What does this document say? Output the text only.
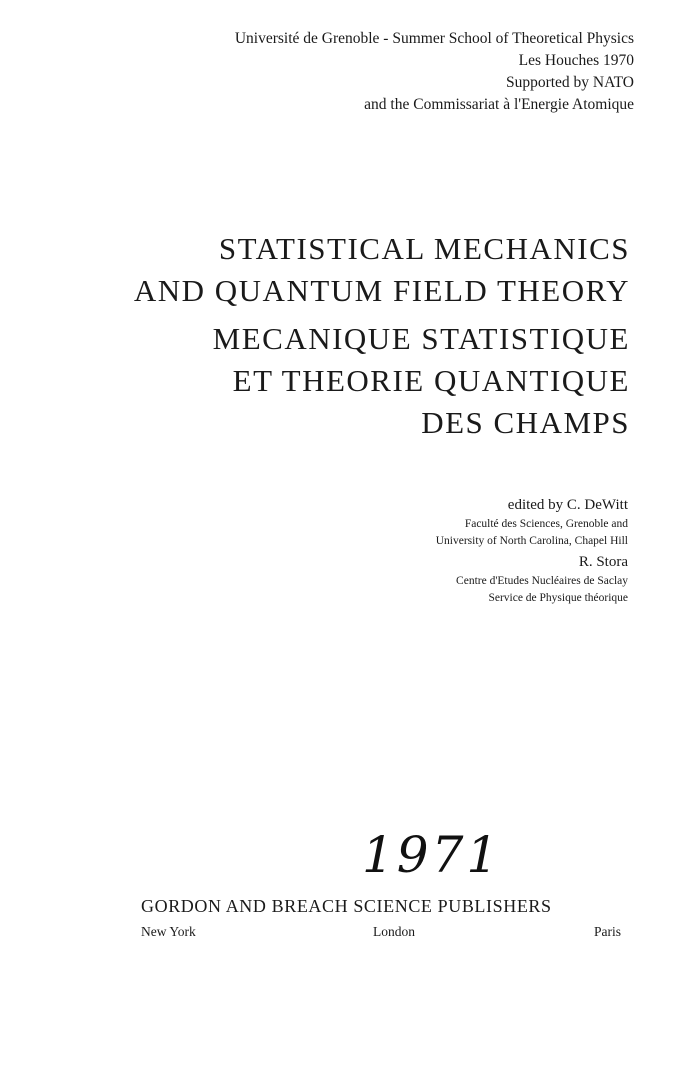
Université de Grenoble - Summer School of Theoretical Physics
Les Houches 1970
Supported by NATO
and the Commissariat à l'Energie Atomique
STATISTICAL MECHANICS
AND QUANTUM FIELD THEORY
MECANIQUE STATISTIQUE
ET THEORIE QUANTIQUE
DES CHAMPS
edited by C. DeWitt
Faculté des Sciences, Grenoble and
University of North Carolina, Chapel Hill
R. Stora
Centre d'Etudes Nucléaires de Saclay
Service de Physique théorique
1971
GORDON AND BREACH SCIENCE PUBLISHERS
New York	London	Paris
